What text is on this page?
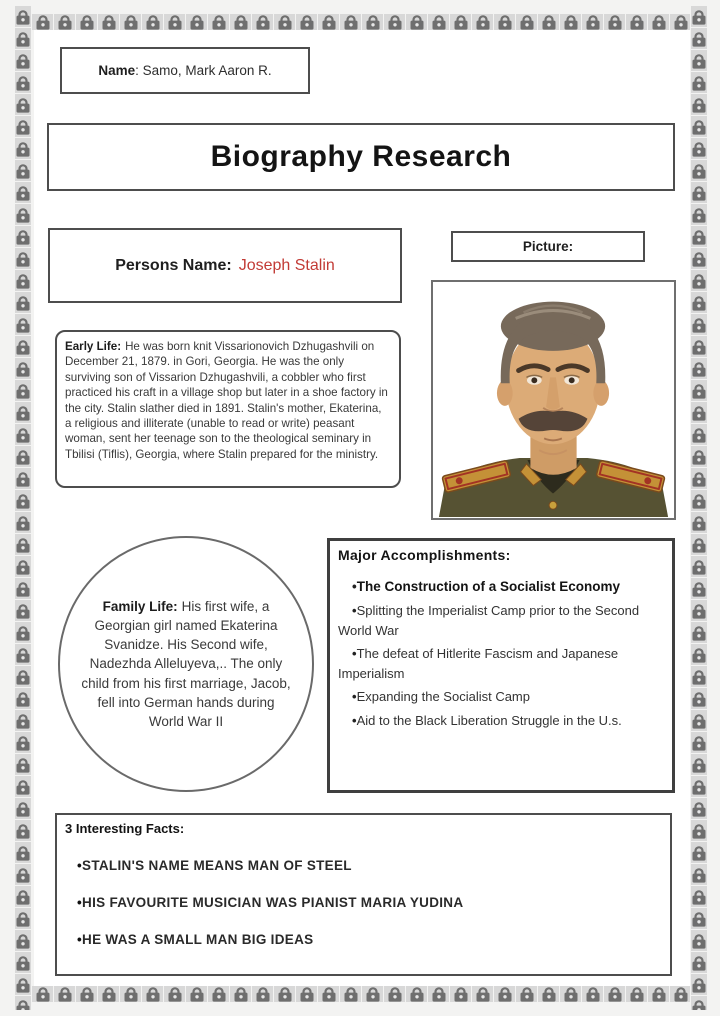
Name: Samo, Mark Aaron R.
Biography Research
Persons Name: Joseph Stalin
Picture:
Early Life: He was born knit Vissarionovich Dzhugashvili on December 21, 1879. in Gori, Georgia. He was the only surviving son of Vissarion Dzhugashvili, a cobbler who first practiced his craft in a village shop but later in a shoe factory in the city. Stalin slather died in 1891. Stalin's mother, Ekaterina, a religious and illiterate (unable to read or write) peasant woman, sent her teenage son to the theological seminary in Tbilisi (Tiflis), Georgia, where Stalin prepared for the ministry.
Family Life: His first wife, a Georgian girl named Ekaterina Svanidze. His Second wife, Nadezhda Alleluyeva,.. The only child from his first marriage, Jacob, fell into German hands during World War II
Major Accomplishments:
• The Construction of a Socialist Economy
• Splitting the Imperialist Camp prior to the Second World War
• The defeat of Hitlerite Fascism and Japanese Imperialism
• Expanding the Socialist Camp
• Aid to the Black Liberation Struggle in the U.s.
3 Interesting Facts:
• STALIN'S NAME MEANS MAN OF STEEL
• HIS FAVOURITE MUSICIAN WAS PIANIST MARIA YUDINA
• HE WAS A SMALL MAN BIG IDEAS
